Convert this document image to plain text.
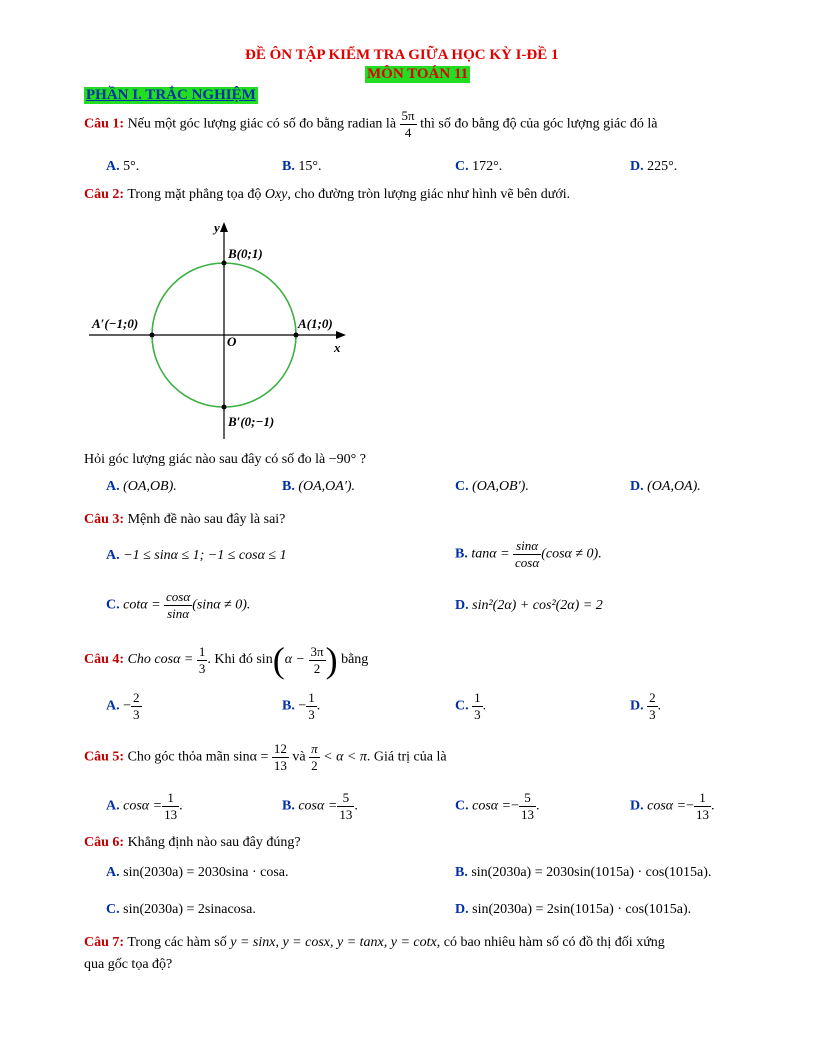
ĐỀ ÔN TẬP KIỂM TRA GIỮA HỌC KỲ I-ĐỀ 1
MÔN TOÁN 11
PHẦN I. TRẮC NGHIỆM
Câu 1: Nếu một góc lượng giác có số đo bằng radian là $\frac{5\pi}{4}$ thì số đo bằng độ của góc lượng giác đó là
A. 5°.	B. 15°.	C. 172°.	D. 225°.
Câu 2: Trong mặt phẳng tọa độ Oxy, cho đường tròn lượng giác như hình vẽ bên dưới.
y
x
O
B(0;1)
A(1;0)
A′(−1;0)
B′(0;−1)
Hỏi góc lượng giác nào sau đây có số đo là −90° ?
A. (OA,OB).	B. (OA,OA′).	C. (OA,OB′).	D. (OA,OA).
Câu 3: Mệnh đề nào sau đây là sai?
A. −1 ≤ sinα ≤ 1; −1 ≤ cosα ≤ 1	B. $\tan\alpha = \frac{\sin\alpha}{\cos\alpha} (\cos\alpha \ne 0)$.
C. $\cot\alpha = \frac{\cos\alpha}{\sin\alpha} (\sin\alpha \ne 0)$.	D. sin²(2α) + cos²(2α) = 2
Câu 4: Cho $\cos\alpha = \frac{1}{3}$ . Khi đó $\sin(\alpha - \frac{3\pi}{2}$ ) bằng
A. − $\frac{2}{3}$	B. − $\frac{1}{3}$ .	C. $\frac{1}{3}$ .	D. $\frac{2}{3}$ .
Câu 5: Cho góc thỏa mãn $\sin\alpha = \frac{12}{13}$ và $\frac{\pi}{2} < \alpha < \pi$. Giá trị của là
A. $\cos\alpha = \frac{1}{13}$ .	B. $\cos\alpha = \frac{5}{13}$ .	C. $\cos\alpha =- \frac{5}{13}$ .	D. $\cos\alpha =- \frac{1}{13}$ .
Câu 6: Khẳng định nào sau đây đúng?
A. sin(2030a) = 2030sina · cosa.	B. sin(2030a) = 2030sin(1015a) · cos(1015a).
C. sin(2030a) = 2sinacosa.	D. sin(2030a) = 2sin(1015a) · cos(1015a).
Câu 7: Trong các hàm số y = sinx, y = cosx, y = tanx, y = cotx, có bao nhiêu hàm số có đồ thị đối xứng
qua gốc tọa độ?
